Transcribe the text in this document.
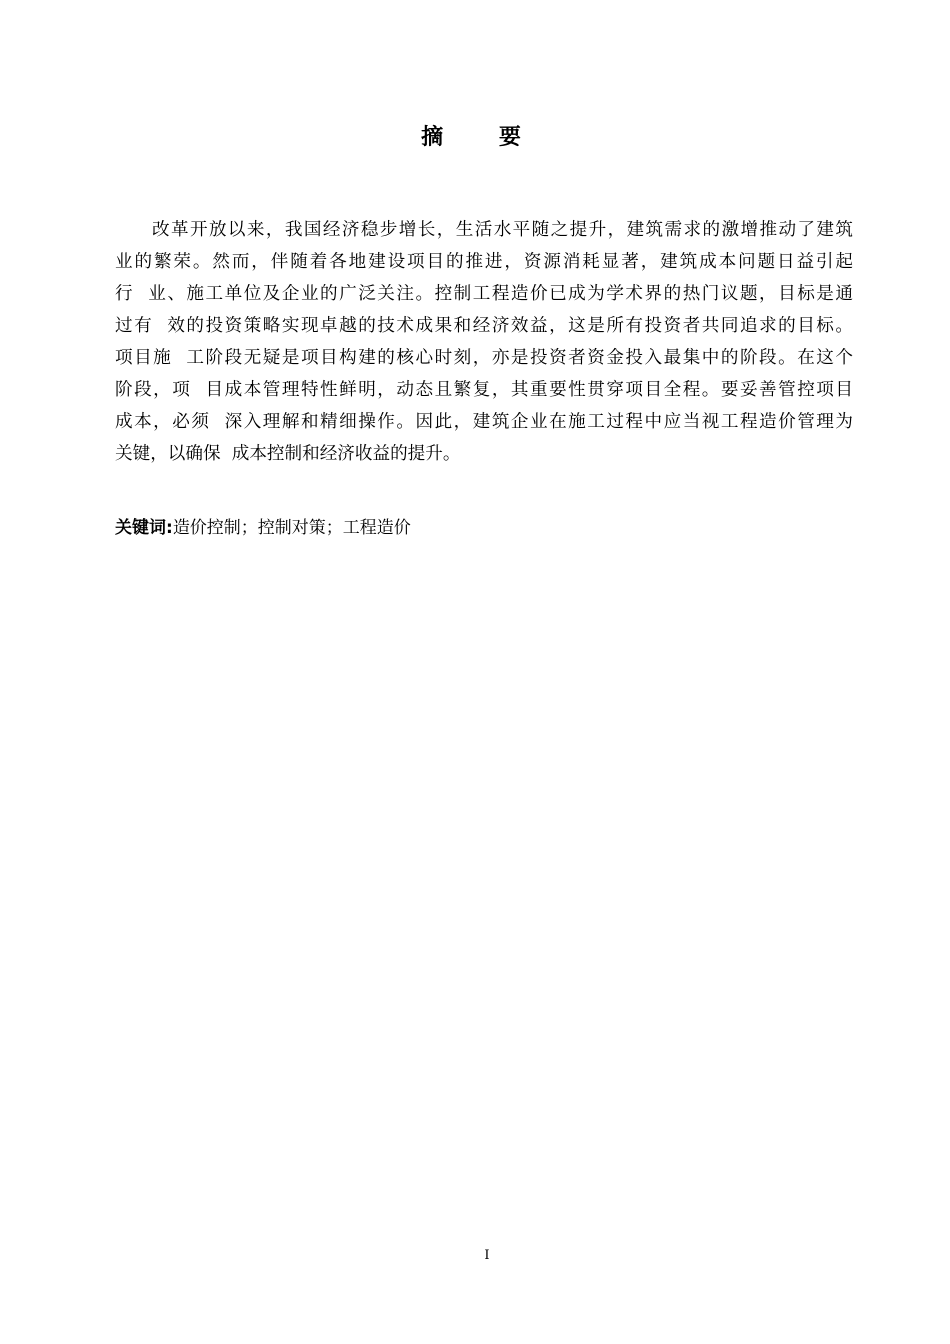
摘 要
改革开放以来，我国经济稳步增长，生活水平随之提升，建筑需求的激增推动了建筑
业的繁荣。然而，伴随着各地建设项目的推进，资源消耗显著，建筑成本问题日益引起
行  业、施工单位及企业的广泛关注。控制工程造价已成为学术界的热门议题，目标是通
过有  效的投资策略实现卓越的技术成果和经济效益，这是所有投资者共同追求的目标。
项目施  工阶段无疑是项目构建的核心时刻，亦是投资者资金投入最集中的阶段。在这个
阶段，项  目成本管理特性鲜明，动态且繁复，其重要性贯穿项目全程。要妥善管控项目
成本，必须  深入理解和精细操作。因此，建筑企业在施工过程中应当视工程造价管理为
关键，以确保  成本控制和经济收益的提升。
关键词:造价控制；控制对策；工程造价
I
